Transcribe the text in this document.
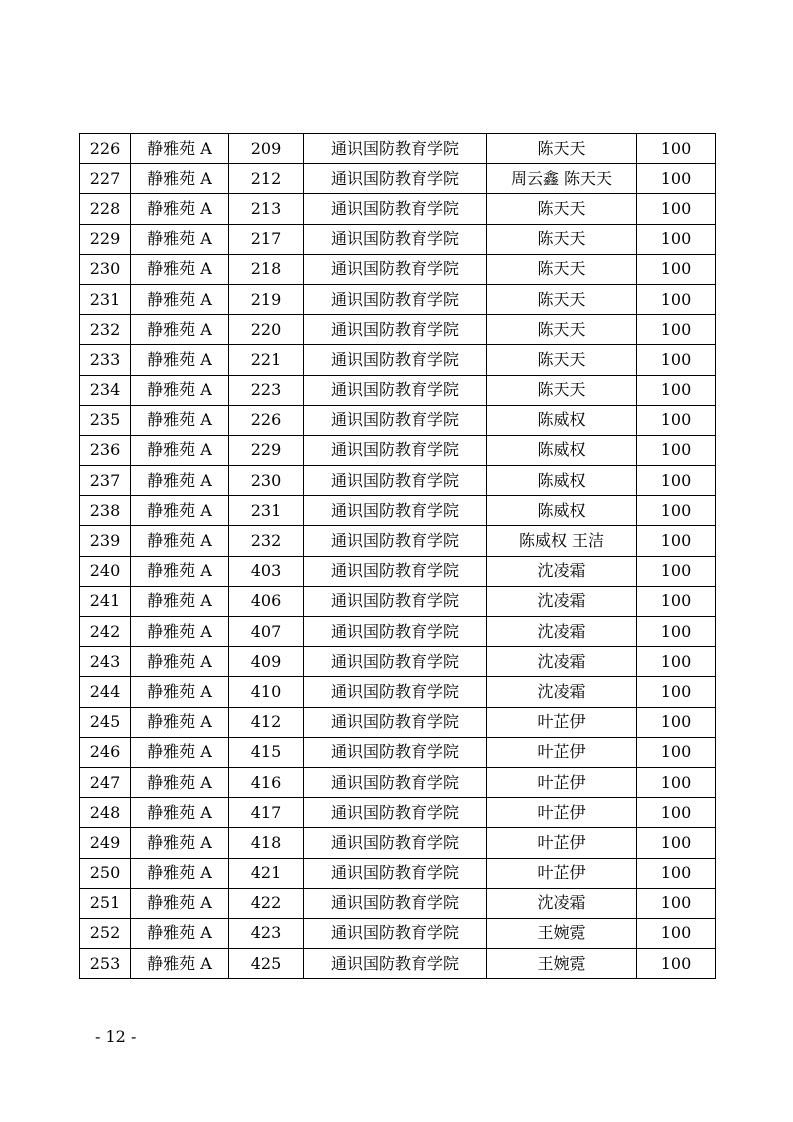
226	静雅苑 A	209	通识国防教育学院	陈天天	100
227	静雅苑 A	212	通识国防教育学院	周云鑫 陈天天	100
228	静雅苑 A	213	通识国防教育学院	陈天天	100
229	静雅苑 A	217	通识国防教育学院	陈天天	100
230	静雅苑 A	218	通识国防教育学院	陈天天	100
231	静雅苑 A	219	通识国防教育学院	陈天天	100
232	静雅苑 A	220	通识国防教育学院	陈天天	100
233	静雅苑 A	221	通识国防教育学院	陈天天	100
234	静雅苑 A	223	通识国防教育学院	陈天天	100
235	静雅苑 A	226	通识国防教育学院	陈威权	100
236	静雅苑 A	229	通识国防教育学院	陈威权	100
237	静雅苑 A	230	通识国防教育学院	陈威权	100
238	静雅苑 A	231	通识国防教育学院	陈威权	100
239	静雅苑 A	232	通识国防教育学院	陈威权 王洁	100
240	静雅苑 A	403	通识国防教育学院	沈凌霜	100
241	静雅苑 A	406	通识国防教育学院	沈凌霜	100
242	静雅苑 A	407	通识国防教育学院	沈凌霜	100
243	静雅苑 A	409	通识国防教育学院	沈凌霜	100
244	静雅苑 A	410	通识国防教育学院	沈凌霜	100
245	静雅苑 A	412	通识国防教育学院	叶芷伊	100
246	静雅苑 A	415	通识国防教育学院	叶芷伊	100
247	静雅苑 A	416	通识国防教育学院	叶芷伊	100
248	静雅苑 A	417	通识国防教育学院	叶芷伊	100
249	静雅苑 A	418	通识国防教育学院	叶芷伊	100
250	静雅苑 A	421	通识国防教育学院	叶芷伊	100
251	静雅苑 A	422	通识国防教育学院	沈凌霜	100
252	静雅苑 A	423	通识国防教育学院	王婉霓	100
253	静雅苑 A	425	通识国防教育学院	王婉霓	100
- 12 -
